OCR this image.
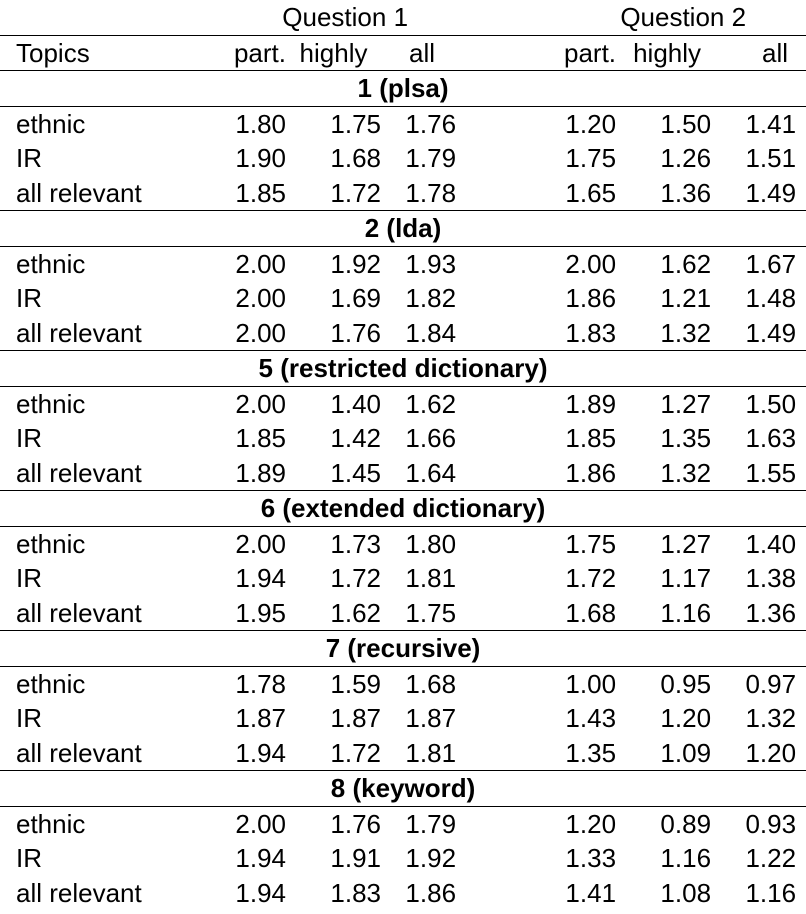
	Question 1			Question 2		
Topics	part.	highly	all	part.	highly	all
1 (plsa)						
ethnic	1.80	1.75	1.76	1.20	1.50	1.41
IR	1.90	1.68	1.79	1.75	1.26	1.51
all relevant	1.85	1.72	1.78	1.65	1.36	1.49
2 (lda)						
ethnic	2.00	1.92	1.93	2.00	1.62	1.67
IR	2.00	1.69	1.82	1.86	1.21	1.48
all relevant	2.00	1.76	1.84	1.83	1.32	1.49
5 (restricted dictionary)						
ethnic	2.00	1.40	1.62	1.89	1.27	1.50
IR	1.85	1.42	1.66	1.85	1.35	1.63
all relevant	1.89	1.45	1.64	1.86	1.32	1.55
6 (extended dictionary)						
ethnic	2.00	1.73	1.80	1.75	1.27	1.40
IR	1.94	1.72	1.81	1.72	1.17	1.38
all relevant	1.95	1.62	1.75	1.68	1.16	1.36
7 (recursive)						
ethnic	1.78	1.59	1.68	1.00	0.95	0.97
IR	1.87	1.87	1.87	1.43	1.20	1.32
all relevant	1.94	1.72	1.81	1.35	1.09	1.20
8 (keyword)						
ethnic	2.00	1.76	1.79	1.20	0.89	0.93
IR	1.94	1.91	1.92	1.33	1.16	1.22
all relevant	1.94	1.83	1.86	1.41	1.08	1.16
